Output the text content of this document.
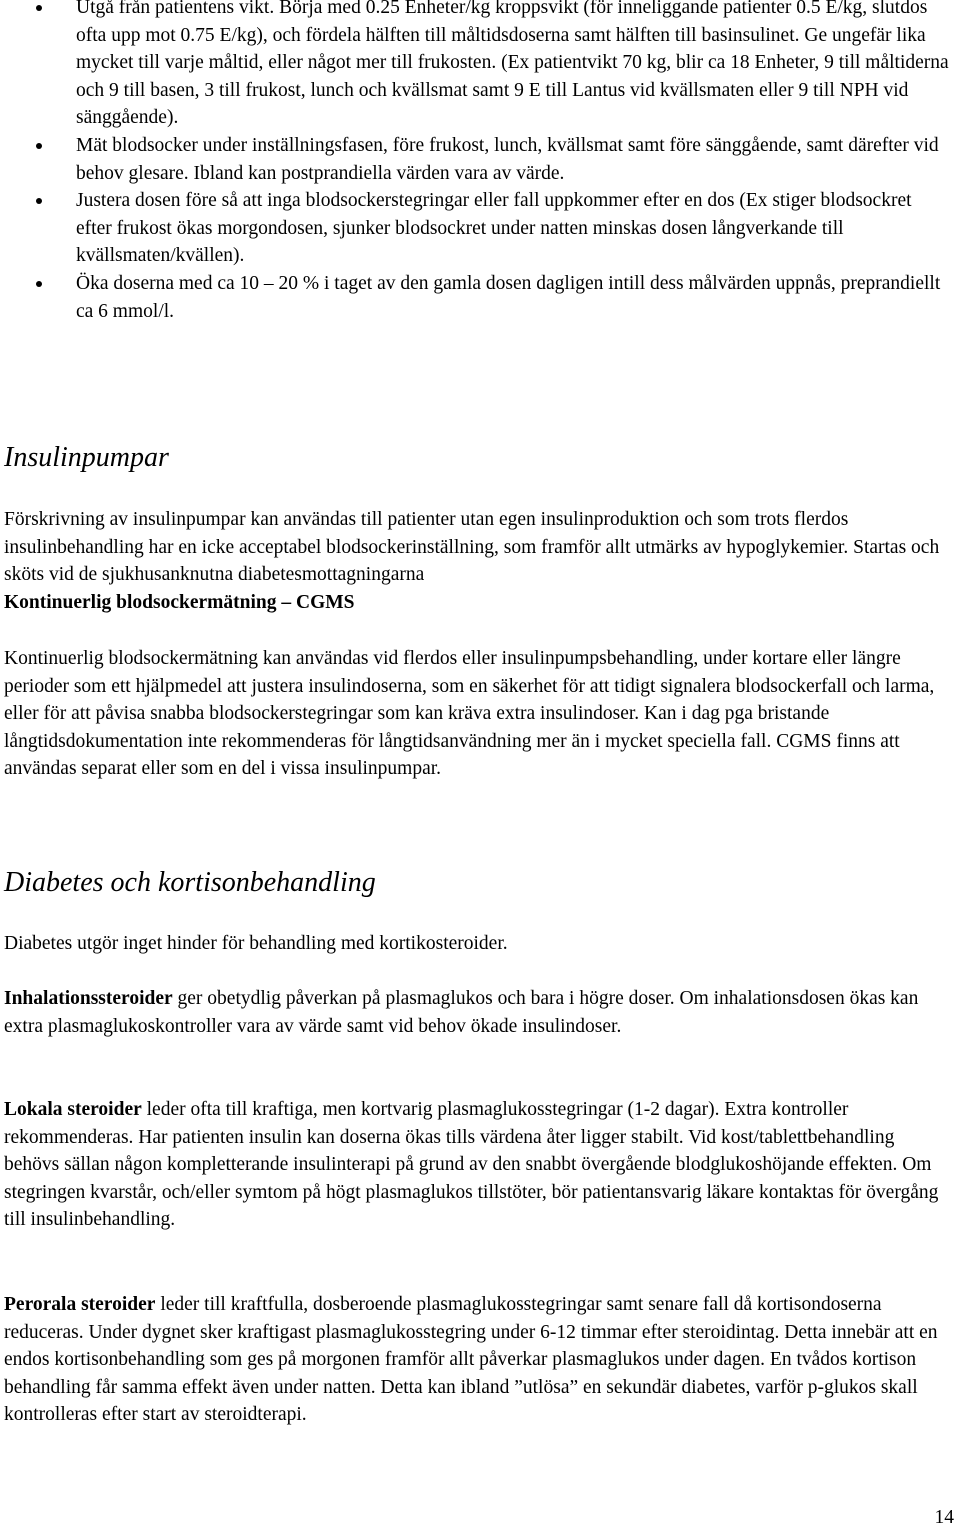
Utgå från patientens vikt. Börja med 0.25 Enheter/kg kroppsvikt (för inneliggande patienter 0.5 E/kg, slutdos ofta upp mot 0.75 E/kg), och fördela hälften till måltidsdoserna samt hälften till basinsulinet. Ge ungefär lika mycket till varje måltid, eller något mer till frukosten. (Ex patientvikt 70 kg, blir ca 18 Enheter, 9 till måltiderna och 9 till basen, 3 till frukost, lunch och kvällsmat samt 9 E till Lantus vid kvällsmaten eller 9 till NPH vid sänggående).
Mät blodsocker under inställningsfasen, före frukost, lunch, kvällsmat samt före sänggående, samt därefter vid behov glesare. Ibland kan postprandiella värden vara av värde.
Justera dosen före så att inga blodsockerstegringar eller fall uppkommer efter en dos (Ex stiger blodsockret efter frukost ökas morgondosen, sjunker blodsockret under natten minskas dosen långverkande till kvällsmaten/kvällen).
Öka doserna med ca 10 – 20 % i taget av den gamla dosen dagligen intill dess målvärden uppnås, preprandiellt ca 6 mmol/l.
Insulinpumpar

Förskrivning av insulinpumpar kan användas till patienter utan egen insulinproduktion och som trots flerdos insulinbehandling har en icke acceptabel blodsockerinställning, som framför allt utmärks av hypoglykemier. Startas och sköts vid de sjukhusanknutna diabetesmottagningarna

Kontinuerlig blodsockermätning – CGMS

Kontinuerlig blodsockermätning kan användas vid flerdos eller insulinpumpsbehandling, under kortare eller längre perioder som ett hjälpmedel att justera insulindoserna, som en säkerhet för att tidigt signalera blodsockerfall och larma, eller för att påvisa snabba blodsockerstegringar som kan kräva extra insulindoser. Kan i dag pga bristande långtidsdokumentation inte rekommenderas för långtidsanvändning mer än i mycket speciella fall. CGMS finns att användas separat eller som en del i vissa insulinpumpar.

Diabetes och kortisonbehandling

Diabetes utgör inget hinder för behandling med kortikosteroider.

Inhalationssteroider ger obetydlig påverkan på plasmaglukos och bara i högre doser. Om inhalationsdosen ökas kan extra plasmaglukoskontroller vara av värde samt vid behov ökade insulindoser.

Lokala steroider leder ofta till kraftiga, men kortvarig plasmaglukosstegringar (1-2 dagar). Extra kontroller rekommenderas. Har patienten insulin kan doserna ökas tills värdena åter ligger stabilt. Vid kost/tablettbehandling behövs sällan någon kompletterande insulinterapi på grund av den snabbt övergående blodglukoshöjande effekten. Om stegringen kvarstår, och/eller symtom på högt plasmaglukos tillstöter, bör patientansvarig läkare kontaktas för övergång till insulinbehandling.

Perorala steroider leder till kraftfulla, dosberoende plasmaglukosstegringar samt senare fall då kortisondoserna reduceras. Under dygnet sker kraftigast plasmaglukosstegring under 6-12 timmar efter steroidintag. Detta innebär att en endos kortisonbehandling som ges på morgonen framför allt påverkar plasmaglukos under dagen. En tvådos kortison behandling får samma effekt även under natten. Detta kan ibland ”utlösa” en sekundär diabetes, varför p-glukos skall kontrolleras efter start av steroidterapi.

14
